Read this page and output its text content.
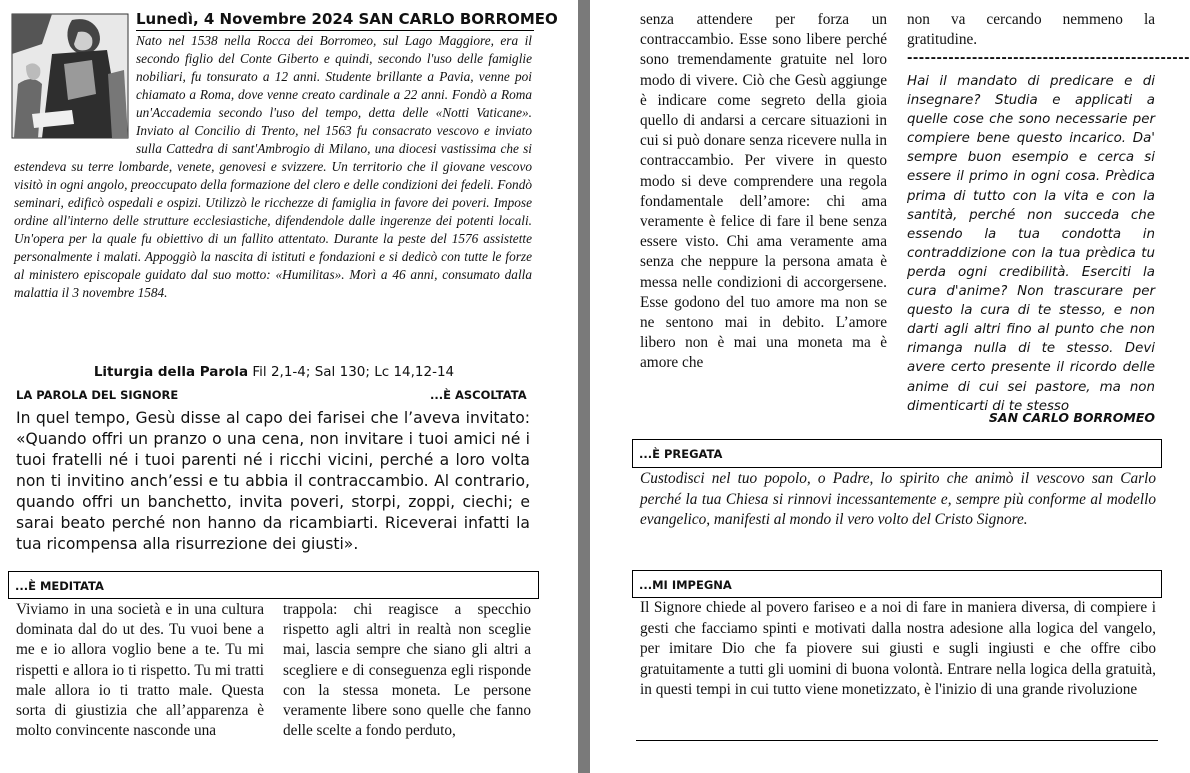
Lunedì, 4 Novembre 2024 SAN CARLO BORROMEO
Nato nel 1538 nella Rocca dei Borromeo, sul Lago Maggiore, era il secondo figlio del Conte Giberto e quindi, secondo l'uso delle famiglie nobiliari, fu tonsurato a 12 anni. Studente brillante a Pavia, venne poi chiamato a Roma, dove venne creato cardinale a 22 anni. Fondò a Roma un'Accademia secondo l'uso del tempo, detta delle «Notti Vaticane». Inviato al Concilio di Trento, nel 1563 fu consacrato vescovo e inviato sulla Cattedra di sant'Ambrogio di Milano, una diocesi vastissima che si estendeva su terre lombarde, venete, genovesi e svizzere. Un territorio che il giovane vescovo visitò in ogni angolo, preoccupato della formazione del clero e delle condizioni dei fedeli. Fondò seminari, edificò ospedali e ospizi. Utilizzò le ricchezze di famiglia in favore dei poveri. Impose ordine all'interno delle strutture ecclesiastiche, difendendole dalle ingerenze dei potenti locali. Un'opera per la quale fu obiettivo di un fallito attentato. Durante la peste del 1576 assistette personalmente i malati. Appoggiò la nascita di istituti e fondazioni e si dedicò con tutte le forze al ministero episcopale guidato dal suo motto: «Humilitas». Morì a 46 anni, consumato dalla malattia il 3 novembre 1584.
Liturgia della Parola Fil 2,1-4; Sal 130; Lc 14,12-14
LA PAROLA DEL SIGNORE	...È ASCOLTATA

In quel tempo, Gesù disse al capo dei farisei che l’aveva invitato: «Quando offri un pranzo o una cena, non invitare i tuoi amici né i tuoi fratelli né i tuoi parenti né i ricchi vicini, perché a loro volta non ti invitino anch’essi e tu abbia il contraccambio. Al contrario, quando offri un banchetto, invita poveri, storpi, zoppi, ciechi; e sarai beato perché non hanno da ricambiarti. Riceverai infatti la tua ricompensa alla risurrezione dei giusti».

...È MEDITATA

Viviamo in una società e in una cultura dominata dal do ut des. Tu vuoi bene a me e io allora voglio bene a te. Tu mi rispetti e allora io ti rispetto. Tu mi tratti male allora io ti tratto male. Questa sorta di giustizia che all’apparenza è molto convincente nasconde una

trappola: chi reagisce a specchio rispetto agli altri in realtà non sceglie mai, lascia sempre che siano gli altri a scegliere e di conseguenza egli risponde con la stessa moneta. Le persone veramente libere sono quelle che fanno delle scelte a fondo perduto,

senza attendere per forza un contraccambio. Esse sono libere perché sono tremendamente gratuite nel loro modo di vivere. Ciò che Gesù aggiunge è indicare come segreto della gioia quello di andarsi a cercare situazioni in cui si può donare senza ricevere nulla in contraccambio. Per vivere in questo modo si deve comprendere una regola fondamentale dell’amore: chi ama veramente è felice di fare il bene senza essere visto. Chi ama veramente ama senza che neppure la persona amata è messa nelle condizioni di accorgersene. Esse godono del tuo amore ma non se ne sentono mai in debito. L’amore libero non è mai una moneta ma è amore che

non va cercando nemmeno la gratitudine.

------------------------------------------------

Hai il mandato di predicare e di insegnare? Studia e applicati a quelle cose che sono necessarie per compiere bene questo incarico. Da' sempre buon esempio e cerca si essere il primo in ogni cosa. Prèdica prima di tutto con la vita e con la santità, perché non succeda che essendo la tua condotta in contraddizione con la tua prèdica tu perda ogni credibilità. Eserciti la cura d'anime? Non trascurare per questo la cura di te stesso, e non darti agli altri fino al punto che non rimanga nulla di te stesso. Devi avere certo presente il ricordo delle anime di cui sei pastore, ma non dimenticarti di te stesso

SAN CARLO BORROMEO
...È PREGATA

Custodisci nel tuo popolo, o Padre, lo spirito che animò il vescovo san Carlo perché la tua Chiesa si rinnovi incessantemente e, sempre più conforme al modello evangelico, manifesti al mondo il vero volto del Cristo Signore.

...MI IMPEGNA

Il Signore chiede al povero fariseo e a noi di fare in maniera diversa, di compiere i gesti che facciamo spinti e motivati dalla nostra adesione alla logica del vangelo, per imitare Dio che fa piovere sui giusti e sugli ingiusti e che offre cibo gratuitamente a tutti gli uomini di buona volontà. Entrare nella logica della gratuità, in questi tempi in cui tutto viene monetizzato, è l'inizio di una grande rivoluzione
